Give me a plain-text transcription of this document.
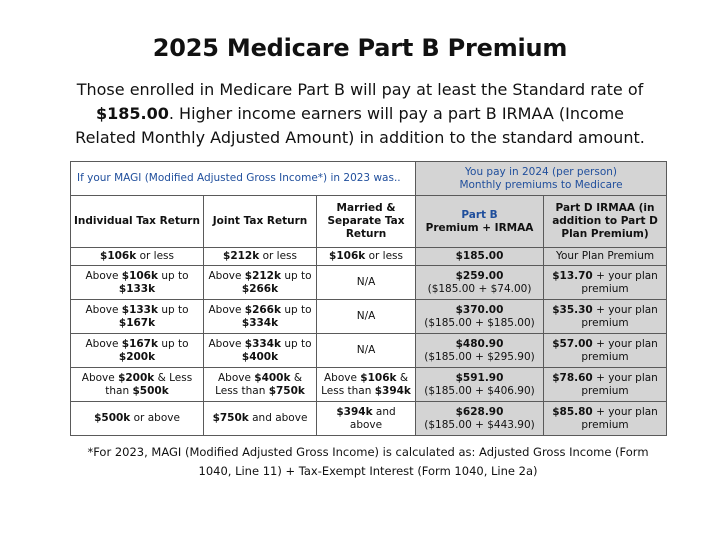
2025 Medicare Part B Premium
Those enrolled in Medicare Part B will pay at least the Standard rate of
$185.00. Higher income earners will pay a part B IRMAA (Income
Related Monthly Adjusted Amount) in addition to the standard amount.
If your MAGI (Modified Adjusted Gross Income*) in 2023 was..			You pay in 2024 (per person)
Monthly premiums to Medicare	
Individual Tax Return	Joint Tax Return	Married & Separate Tax Return	Part B
Premium + IRMAA	Part D IRMAA (in addition to Part D Plan Premium)
$106k or less	$212k or less	$106k or less	$185.00	Your Plan Premium
Above $106k up to $133k	Above $212k up to $266k	N/A	$259.00
($185.00 + $74.00)	$13.70 + your plan premium
Above $133k up to $167k	Above $266k up to $334k	N/A	$370.00
($185.00 + $185.00)	$35.30 + your plan premium
Above $167k up to $200k	Above $334k up to $400k	N/A	$480.90
($185.00 + $295.90)	$57.00 + your plan premium
Above $200k & Less than $500k	Above $400k & Less than $750k	Above $106k & Less than $394k	$591.90
($185.00 + $406.90)	$78.60 + your plan premium
$500k or above	$750k and above	$394k and above	$628.90
($185.00 + $443.90)	$85.80 + your plan premium
*For 2023, MAGI (Modified Adjusted Gross Income) is calculated as: Adjusted Gross Income (Form
1040, Line 11) + Tax-Exempt Interest (Form 1040, Line 2a)
